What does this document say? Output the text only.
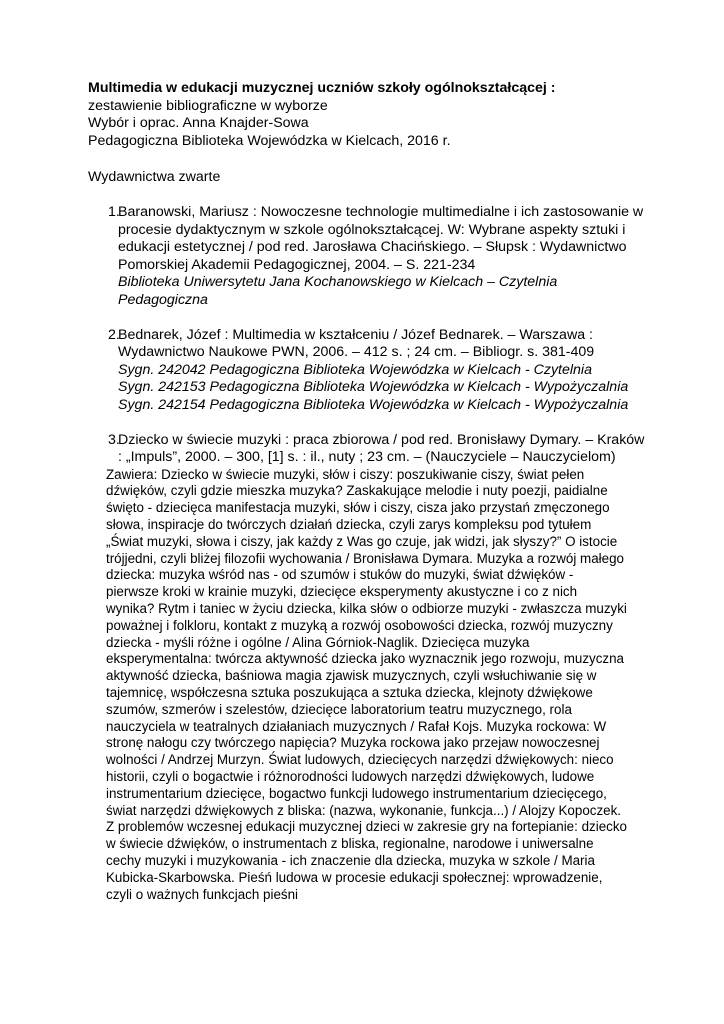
Multimedia w edukacji muzycznej uczniów szkoły ogólnokształcącej :
zestawienie bibliograficzne w wyborze
Wybór i oprac. Anna Knajder-Sowa
Pedagogiczna Biblioteka Wojewódzka w Kielcach, 2016 r.
Wydawnictwa zwarte
1 . Baranowski, Mariusz : Nowoczesne technologie multimedialne i ich zastosowanie w procesie dydaktycznym w szkole ogólnokształcącej. W: Wybrane aspekty sztuki i edukacji estetycznej / pod red. Jarosława Chacińskiego. – Słupsk : Wydawnictwo Pomorskiej Akademii Pedagogicznej, 2004. – S. 221-234
Biblioteka Uniwersytetu Jana Kochanowskiego w Kielcach – Czytelnia Pedagogiczna
2 . Bednarek, Józef : Multimedia w kształceniu / Józef Bednarek. – Warszawa : Wydawnictwo Naukowe PWN, 2006. – 412 s. ; 24 cm. – Bibliogr. s. 381-409
Sygn. 242042 Pedagogiczna Biblioteka Wojewódzka w Kielcach - Czytelnia
Sygn. 242153 Pedagogiczna Biblioteka Wojewódzka w Kielcach - Wypożyczalnia
Sygn. 242154 Pedagogiczna Biblioteka Wojewódzka w Kielcach - Wypożyczalnia
3 . Dziecko w świecie muzyki : praca zbiorowa / pod red. Bronisławy Dymary. – Kraków : „Impuls”, 2000. – 300, [1] s. : il., nuty ; 23 cm. – (Nauczyciele – Nauczycielom)
Zawiera: Dziecko w świecie muzyki, słów i ciszy: poszukiwanie ciszy, świat pełen dźwięków, czyli gdzie mieszka muzyka? Zaskakujące melodie i nuty poezji, paidialne święto - dziecięca manifestacja muzyki, słów i ciszy, cisza jako przystań zmęczonego słowa, inspiracje do twórczych działań dziecka, czyli zarys kompleksu pod tytułem „Świat muzyki, słowa i ciszy, jak każdy z Was go czuje, jak widzi, jak słyszy?” O istocie trójjedni, czyli bliżej filozofii wychowania / Bronisława Dymara. Muzyka a rozwój małego dziecka: muzyka wśród nas - od szumów i stuków do muzyki, świat dźwięków - pierwsze kroki w krainie muzyki, dziecięce eksperymenty akustyczne i co z nich wynika? Rytm i taniec w życiu dziecka, kilka słów o odbiorze muzyki - zwłaszcza muzyki poważnej i folkloru, kontakt z muzyką a rozwój osobowości dziecka, rozwój muzyczny dziecka - myśli różne i ogólne / Alina Górniok-Naglik. Dziecięca muzyka eksperymentalna: twórcza aktywność dziecka jako wyznacznik jego rozwoju, muzyczna aktywność dziecka, baśniowa magia zjawisk muzycznych, czyli wsłuchiwanie się w tajemnicę, współczesna sztuka poszukująca a sztuka dziecka, klejnoty dźwiękowe szumów, szmerów i szelestów, dziecięce laboratorium teatru muzycznego, rola nauczyciela w teatralnych działaniach muzycznych / Rafał Kojs. Muzyka rockowa: W stronę nałogu czy twórczego napięcia? Muzyka rockowa jako przejaw nowoczesnej wolności / Andrzej Murzyn. Świat ludowych, dziecięcych narzędzi dźwiękowych: nieco historii, czyli o bogactwie i różnorodności ludowych narzędzi dźwiękowych, ludowe instrumentarium dziecięce, bogactwo funkcji ludowego instrumentarium dziecięcego, świat narzędzi dźwiękowych z bliska: (nazwa, wykonanie, funkcja...) / Alojzy Kopoczek. Z problemów wczesnej edukacji muzycznej dzieci w zakresie gry na fortepianie: dziecko w świecie dźwięków, o instrumentach z bliska, regionalne, narodowe i uniwersalne cechy muzyki i muzykowania - ich znaczenie dla dziecka, muzyka w szkole / Maria Kubicka-Skarbowska. Pieśń ludowa w procesie edukacji społecznej: wprowadzenie, czyli o ważnych funkcjach pieśni
